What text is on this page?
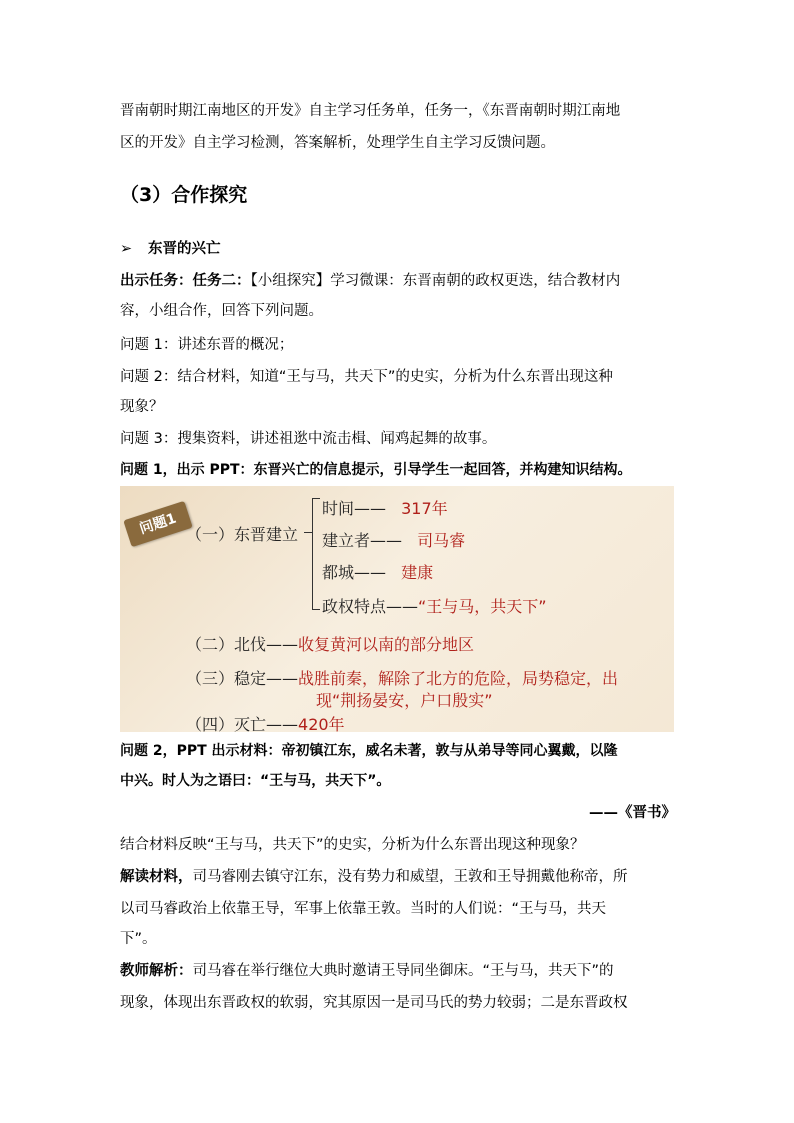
晋南朝时期江南地区的开发》自主学习任务单，任务一，《东晋南朝时期江南地
区的开发》自主学习检测，答案解析，处理学生自主学习反馈问题。
（3）合作探究
➢ 东晋的兴亡
出示任务：任务二：【小组探究】学习微课：东晋南朝的政权更迭，结合教材内
容，小组合作，回答下列问题。
问题 1：讲述东晋的概况；
问题 2：结合材料，知道“王与马，共天下”的史实，分析为什么东晋出现这种
现象？
问题 3：搜集资料，讲述祖逖中流击楫、闻鸡起舞的故事。
问题 1，出示 PPT：东晋兴亡的信息提示，引导学生一起回答，并构建知识结构。
问题 2，PPT 出示材料：帝初镇江东，威名未著，敦与从弟导等同心翼戴，以隆
中兴。时人为之语曰：“王与马，共天下”。
——《晋书》
结合材料反映“王与马，共天下”的史实，分析为什么东晋出现这种现象？
解读材料，司马睿刚去镇守江东，没有势力和威望，王敦和王导拥戴他称帝，所
以司马睿政治上依靠王导，军事上依靠王敦。当时的人们说：“王与马，共天
下”。
教师解析：司马睿在举行继位大典时邀请王导同坐御床。“王与马，共天下”的
现象，体现出东晋政权的软弱，究其原因一是司马氏的势力较弱；二是东晋政权
问题1 （一）东晋建立
时间—— 317年
建立者—— 司马睿
都城—— 建康
政权特点——“王与马，共天下”
（二）北伐——收复黄河以南的部分地区
（三）稳定——战胜前秦，解除了北方的危险，局势稳定，出
现“荆扬晏安，户口殷实”
（四）灭亡——420年
